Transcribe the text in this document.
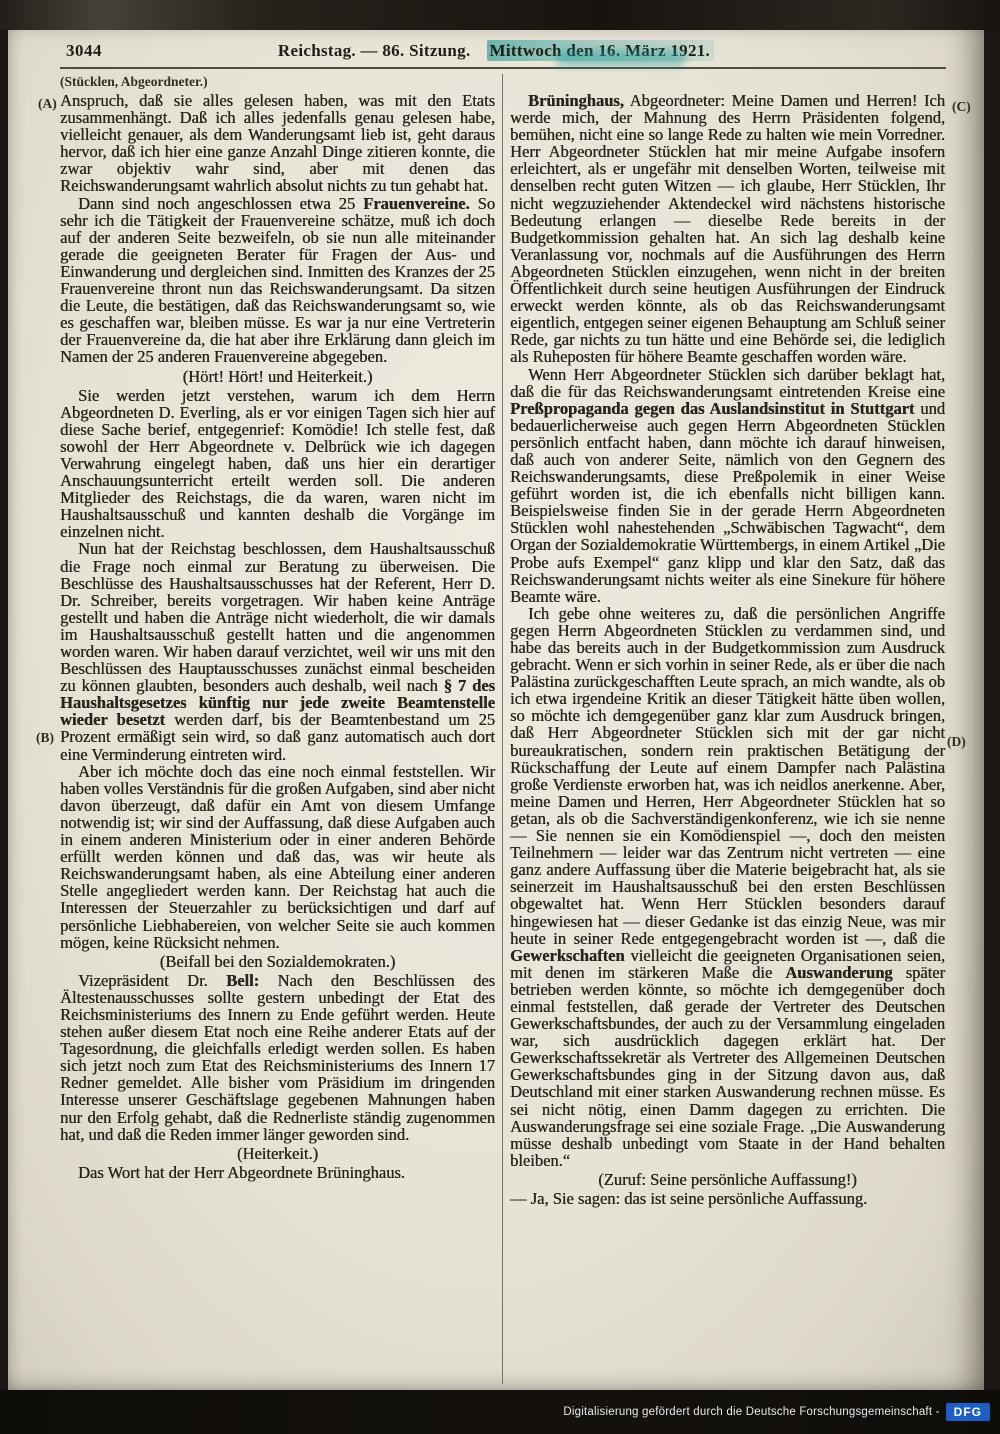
3044	Reichstag. — 86. Sitzung. Mittwoch den 16. März 1921.
(A)
(B)
(C)
(D)

(Stücklen, Abgeordneter.)

Anspruch, daß sie alles gelesen haben, was mit den Etats zusammenhängt. Daß ich alles jedenfalls genau gelesen habe, vielleicht genauer, als dem Wanderungsamt lieb ist, geht daraus hervor, daß ich hier eine ganze Anzahl Dinge zitieren konnte, die zwar objektiv wahr sind, aber mit denen das Reichswanderungsamt wahrlich absolut nichts zu tun gehabt hat.

Dann sind noch angeschlossen etwa 25 Frauenvereine. So sehr ich die Tätigkeit der Frauenvereine schätze, muß ich doch auf der anderen Seite bezweifeln, ob sie nun alle miteinander gerade die geeigneten Berater für Fragen der Aus- und Einwanderung und dergleichen sind. Inmitten des Kranzes der 25 Frauenvereine thront nun das Reichswanderungsamt. Da sitzen die Leute, die bestätigen, daß das Reichswanderungsamt so, wie es geschaffen war, bleiben müsse. Es war ja nur eine Vertreterin der Frauenvereine da, die hat aber ihre Erklärung dann gleich im Namen der 25 anderen Frauenvereine abgegeben.

(Hört! Hört! und Heiterkeit.)

Sie werden jetzt verstehen, warum ich dem Herrn Abgeordneten D. Everling, als er vor einigen Tagen sich hier auf diese Sache berief, entgegenrief: Komödie! Ich stelle fest, daß sowohl der Herr Abgeordnete v. Delbrück wie ich dagegen Verwahrung eingelegt haben, daß uns hier ein derartiger Anschauungsunterricht erteilt werden soll. Die anderen Mitglieder des Reichstags, die da waren, waren nicht im Haushaltsausschuß und kannten deshalb die Vorgänge im einzelnen nicht.

Nun hat der Reichstag beschlossen, dem Haushaltsausschuß die Frage noch einmal zur Beratung zu überweisen. Die Beschlüsse des Haushaltsausschusses hat der Referent, Herr D. Dr. Schreiber, bereits vorgetragen. Wir haben keine Anträge gestellt und haben die Anträge nicht wiederholt, die wir damals im Haushaltsausschuß gestellt hatten und die angenommen worden waren. Wir haben darauf verzichtet, weil wir uns mit den Beschlüssen des Hauptausschusses zunächst einmal bescheiden zu können glaubten, besonders auch deshalb, weil nach § 7 des Haushaltsgesetzes künftig nur jede zweite Beamtenstelle wieder besetzt werden darf, bis der Beamtenbestand um 25 Prozent ermäßigt sein wird, so daß ganz automatisch auch dort eine Verminderung eintreten wird.

Aber ich möchte doch das eine noch einmal feststellen. Wir haben volles Verständnis für die großen Aufgaben, sind aber nicht davon überzeugt, daß dafür ein Amt von diesem Umfange notwendig ist; wir sind der Auffassung, daß diese Aufgaben auch in einem anderen Ministerium oder in einer anderen Behörde erfüllt werden können und daß das, was wir heute als Reichswanderungsamt haben, als eine Abteilung einer anderen Stelle angegliedert werden kann. Der Reichstag hat auch die Interessen der Steuerzahler zu berücksichtigen und darf auf persönliche Liebhabereien, von welcher Seite sie auch kommen mögen, keine Rücksicht nehmen.

(Beifall bei den Sozialdemokraten.)

Vizepräsident Dr. Bell: Nach den Beschlüssen des Ältestenausschusses sollte gestern unbedingt der Etat des Reichsministeriums des Innern zu Ende geführt werden. Heute stehen außer diesem Etat noch eine Reihe anderer Etats auf der Tagesordnung, die gleichfalls erledigt werden sollen. Es haben sich jetzt noch zum Etat des Reichsministeriums des Innern 17 Redner gemeldet. Alle bisher vom Präsidium im dringenden Interesse unserer Geschäftslage gegebenen Mahnungen haben nur den Erfolg gehabt, daß die Rednerliste ständig zugenommen hat, und daß die Reden immer länger geworden sind.

(Heiterkeit.)

Das Wort hat der Herr Abgeordnete Brüninghaus.

Brüninghaus, Abgeordneter: Meine Damen und Herren! Ich werde mich, der Mahnung des Herrn Präsidenten folgend, bemühen, nicht eine so lange Rede zu halten wie mein Vorredner. Herr Abgeordneter Stücklen hat mir meine Aufgabe insofern erleichtert, als er ungefähr mit denselben Worten, teilweise mit denselben recht guten Witzen — ich glaube, Herr Stücklen, Ihr nicht wegzuziehender Aktendeckel wird nächstens historische Bedeutung erlangen — dieselbe Rede bereits in der Budgetkommission gehalten hat. An sich lag deshalb keine Veranlassung vor, nochmals auf die Ausführungen des Herrn Abgeordneten Stücklen einzugehen, wenn nicht in der breiten Öffentlichkeit durch seine heutigen Ausführungen der Eindruck erweckt werden könnte, als ob das Reichswanderungsamt eigentlich, entgegen seiner eigenen Behauptung am Schluß seiner Rede, gar nichts zu tun hätte und eine Behörde sei, die lediglich als Ruheposten für höhere Beamte geschaffen worden wäre.

Wenn Herr Abgeordneter Stücklen sich darüber beklagt hat, daß die für das Reichswanderungsamt eintretenden Kreise eine Preßpropaganda gegen das Auslandsinstitut in Stuttgart und bedauerlicherweise auch gegen Herrn Abgeordneten Stücklen persönlich entfacht haben, dann möchte ich darauf hinweisen, daß auch von anderer Seite, nämlich von den Gegnern des Reichswanderungsamts, diese Preßpolemik in einer Weise geführt worden ist, die ich ebenfalls nicht billigen kann. Beispielsweise finden Sie in der gerade Herrn Abgeordneten Stücklen wohl nahestehenden „Schwäbischen Tagwacht“, dem Organ der Sozialdemokratie Württembergs, in einem Artikel „Die Probe aufs Exempel“ ganz klipp und klar den Satz, daß das Reichswanderungsamt nichts weiter als eine Sinekure für höhere Beamte wäre.

Ich gebe ohne weiteres zu, daß die persönlichen Angriffe gegen Herrn Abgeordneten Stücklen zu verdammen sind, und habe das bereits auch in der Budgetkommission zum Ausdruck gebracht. Wenn er sich vorhin in seiner Rede, als er über die nach Palästina zurückgeschafften Leute sprach, an mich wandte, als ob ich etwa irgendeine Kritik an dieser Tätigkeit hätte üben wollen, so möchte ich demgegenüber ganz klar zum Ausdruck bringen, daß Herr Abgeordneter Stücklen sich mit der gar nicht bureaukratischen, sondern rein praktischen Betätigung der Rückschaffung der Leute auf einem Dampfer nach Palästina große Verdienste erworben hat, was ich neidlos anerkenne. Aber, meine Damen und Herren, Herr Abgeordneter Stücklen hat so getan, als ob die Sachverständigenkonferenz, wie ich sie nenne — Sie nennen sie ein Komödienspiel —, doch den meisten Teilnehmern — leider war das Zentrum nicht vertreten — eine ganz andere Auffassung über die Materie beigebracht hat, als sie seinerzeit im Haushaltsausschuß bei den ersten Beschlüssen obgewaltet hat. Wenn Herr Stücklen besonders darauf hingewiesen hat — dieser Gedanke ist das einzig Neue, was mir heute in seiner Rede entgegengebracht worden ist —, daß die Gewerkschaften vielleicht die geeigneten Organisationen seien, mit denen im stärkeren Maße die Auswanderung später betrieben werden könnte, so möchte ich demgegenüber doch einmal feststellen, daß gerade der Vertreter des Deutschen Gewerkschaftsbundes, der auch zu der Versammlung eingeladen war, sich ausdrücklich dagegen erklärt hat. Der Gewerkschaftssekretär als Vertreter des Allgemeinen Deutschen Gewerkschaftsbundes ging in der Sitzung davon aus, daß Deutschland mit einer starken Auswanderung rechnen müsse. Es sei nicht nötig, einen Damm dagegen zu errichten. Die Auswanderungsfrage sei eine soziale Frage. „Die Auswanderung müsse deshalb unbedingt vom Staate in der Hand behalten bleiben.“

(Zuruf: Seine persönliche Auffassung!)

— Ja, Sie sagen: das ist seine persönliche Auffassung.

Digitalisierung gefördert durch die Deutsche Forschungsgemeinschaft -	DFG
